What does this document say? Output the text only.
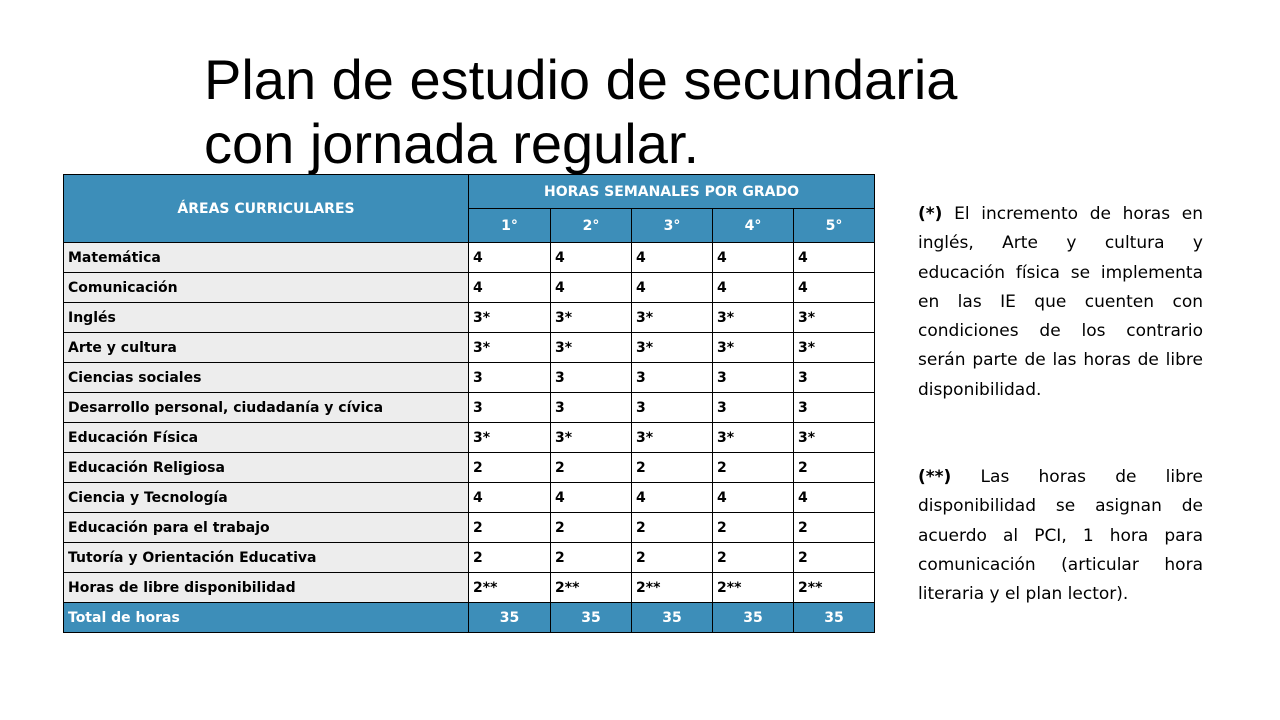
Plan de estudio de secundaria
con jornada regular.
ÁREAS CURRICULARES	HORAS SEMANALES POR GRADO				
	1°	2°	3°	4°	5°
Matemática	4	4	4	4	4
Comunicación	4	4	4	4	4
Inglés	3*	3*	3*	3*	3*
Arte y cultura	3*	3*	3*	3*	3*
Ciencias sociales	3	3	3	3	3
Desarrollo personal, ciudadanía y cívica	3	3	3	3	3
Educación Física	3*	3*	3*	3*	3*
Educación Religiosa	2	2	2	2	2
Ciencia y Tecnología	4	4	4	4	4
Educación para el trabajo	2	2	2	2	2
Tutoría y Orientación Educativa	2	2	2	2	2
Horas de libre disponibilidad	2**	2**	2**	2**	2**
Total de horas	35	35	35	35	35

(*) El incremento de horas en inglés, Arte y cultura y educación física se implementa en las IE que cuenten con condiciones de los contrario serán parte de las horas de libre disponibilidad.

(**) Las horas de libre disponibilidad se asignan de acuerdo al PCI, 1 hora para comunicación (articular hora literaria y el plan lector).
